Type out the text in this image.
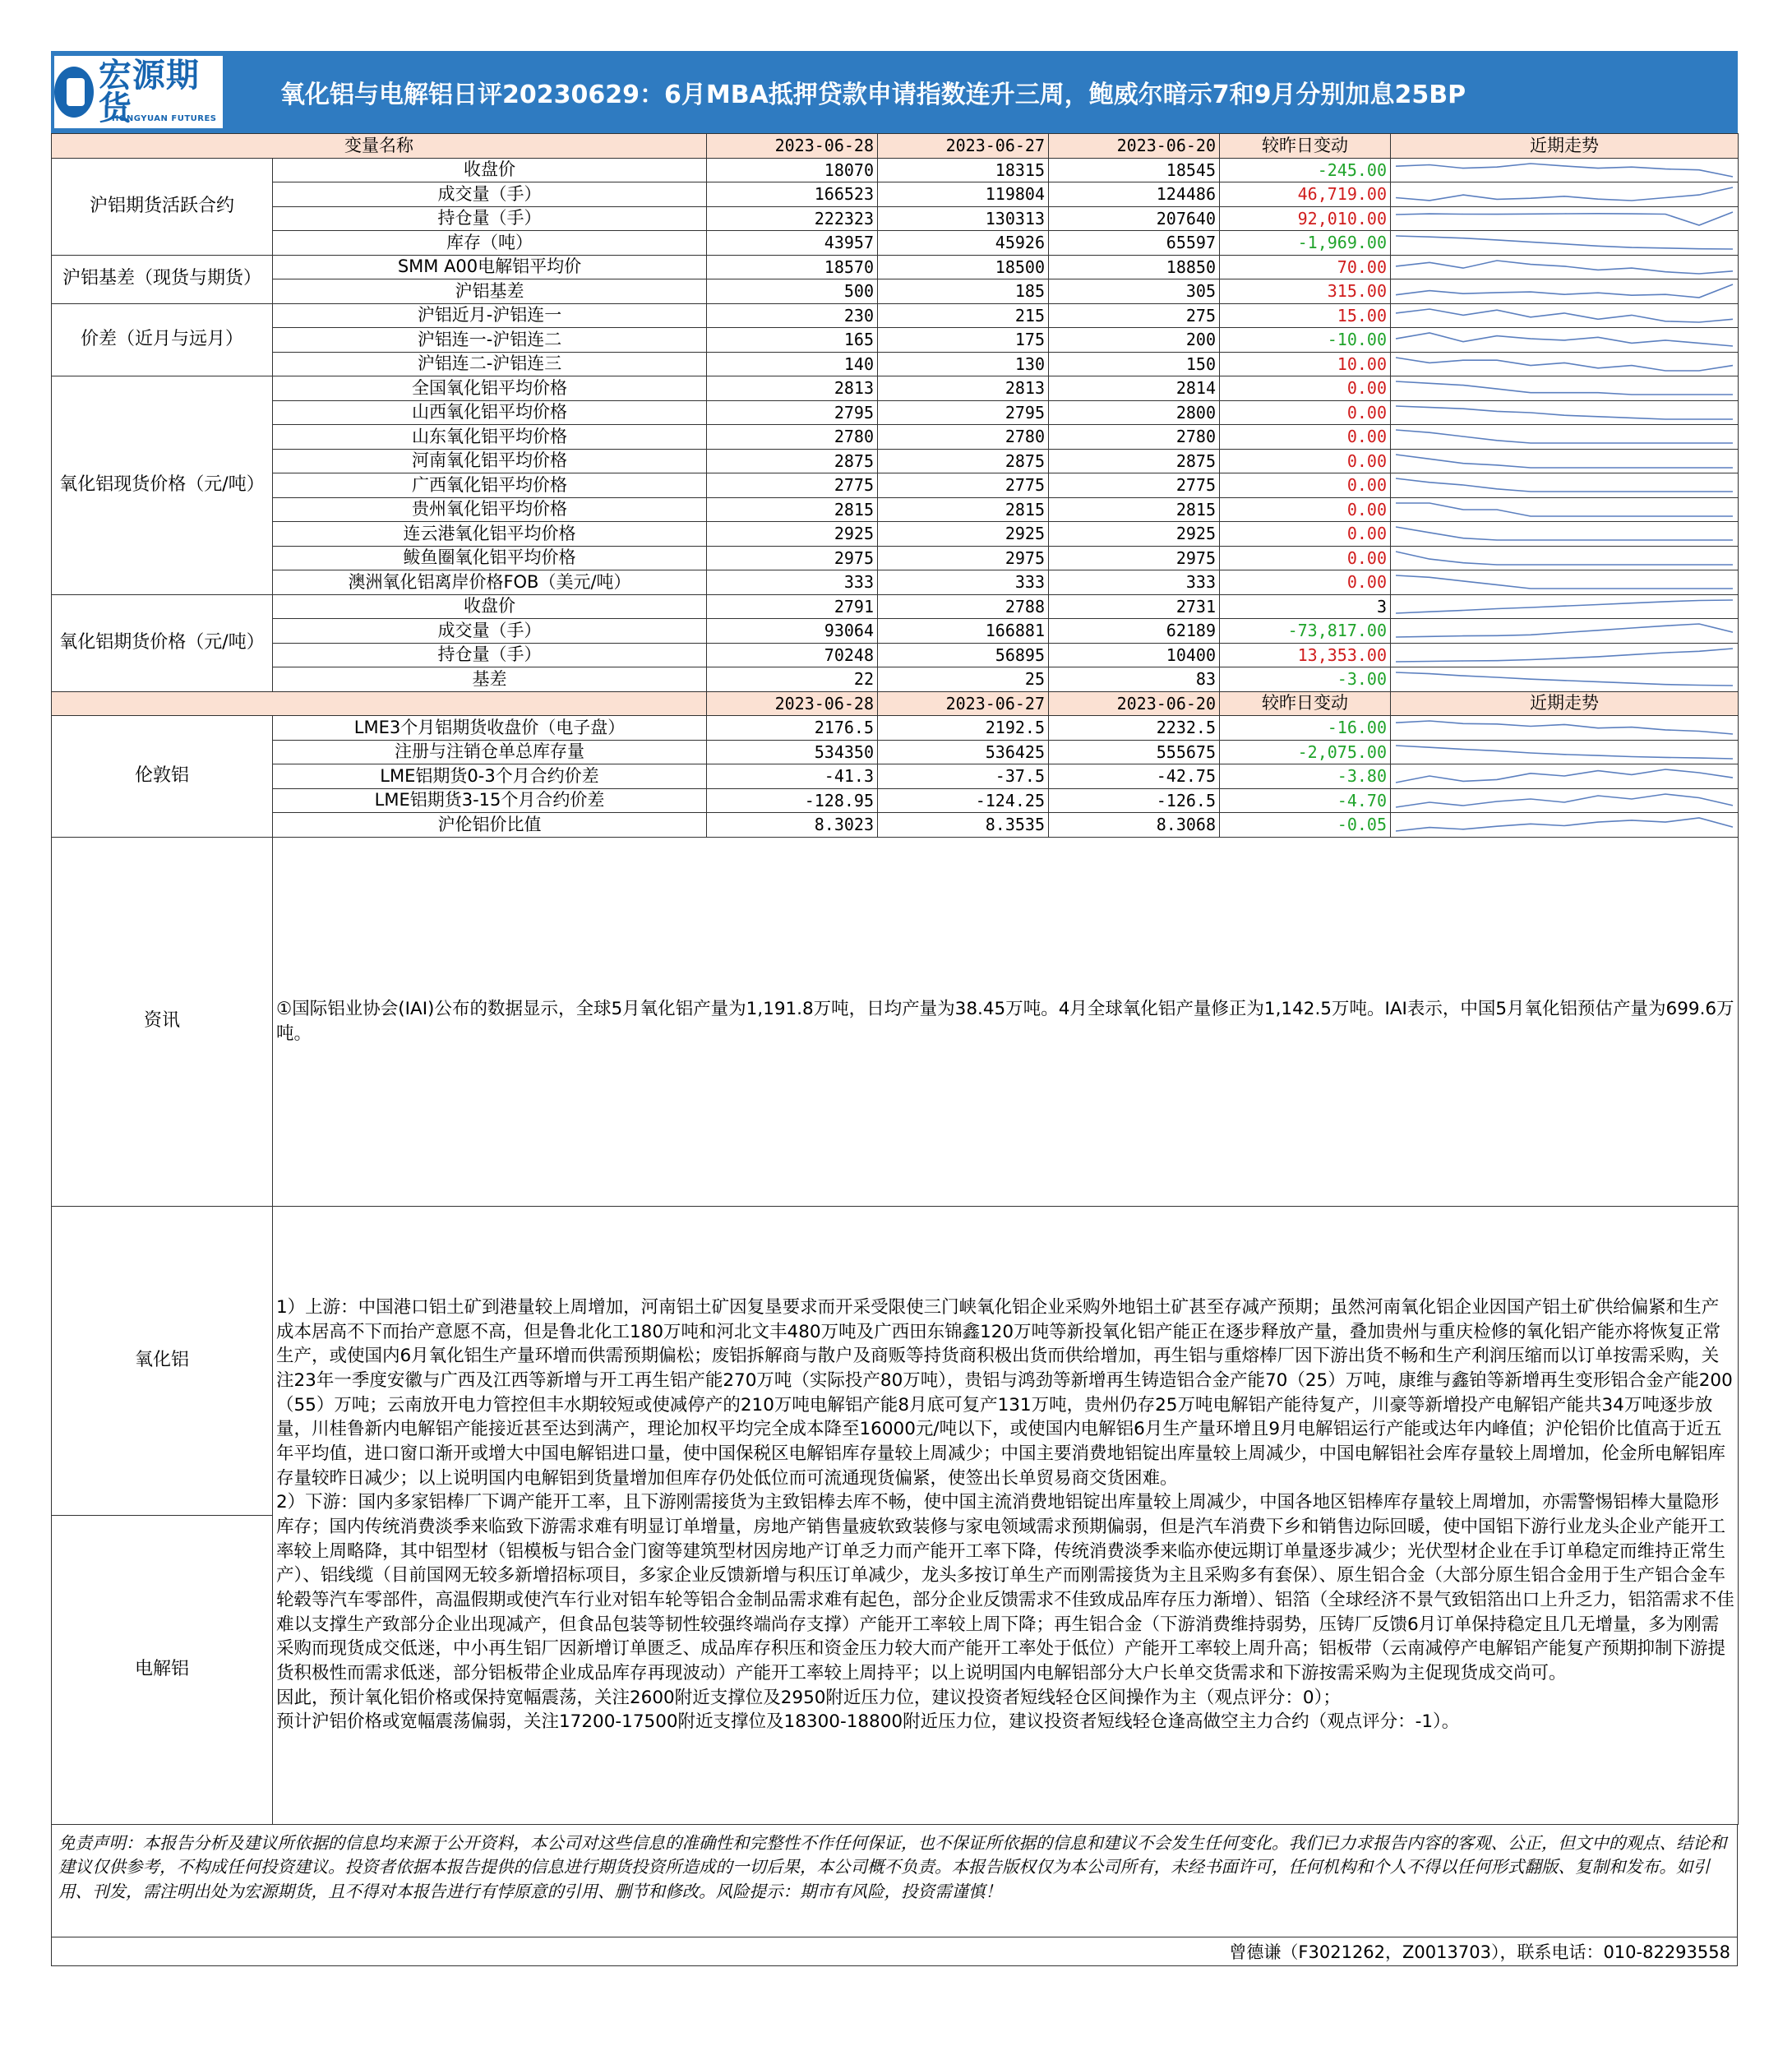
宏源期货
HONGYUAN FUTURES
氧化铝与电解铝日评20230629：6月MBA抵押贷款申请指数连升三周，鲍威尔暗示7和9月分别加息25BP
变量名称		2023-06-28	2023-06-27	2023-06-20	较昨日变动	近期走势
沪铝期货活跃合约	收盘价	18070	18315	18545	-245.00	

	成交量（手）	166523	119804	124486	46,719.00	

	持仓量（手）	222323	130313	207640	92,010.00	

	库存（吨）	43957	45926	65597	-1,969.00	

沪铝基差（现货与期货）	SMM A00电解铝平均价	18570	18500	18850	70.00	

	沪铝基差	500	185	305	315.00	

价差（近月与远月）	沪铝近月-沪铝连一	230	215	275	15.00	

	沪铝连一-沪铝连二	165	175	200	-10.00	

	沪铝连二-沪铝连三	140	130	150	10.00	

氧化铝现货价格（元/吨）	全国氧化铝平均价格	2813	2813	2814	0.00	

	山西氧化铝平均价格	2795	2795	2800	0.00	

	山东氧化铝平均价格	2780	2780	2780	0.00	

	河南氧化铝平均价格	2875	2875	2875	0.00	

	广西氧化铝平均价格	2775	2775	2775	0.00	

	贵州氧化铝平均价格	2815	2815	2815	0.00	

	连云港氧化铝平均价格	2925	2925	2925	0.00	

	鲅鱼圈氧化铝平均价格	2975	2975	2975	0.00	

	澳洲氧化铝离岸价格FOB（美元/吨）	333	333	333	0.00	

氧化铝期货价格（元/吨）	收盘价	2791	2788	2731	3	

	成交量（手）	93064	166881	62189	-73,817.00	

	持仓量（手）	70248	56895	10400	13,353.00	

	基差	22	25	83	-3.00	

		2023-06-28	2023-06-27	2023-06-20	较昨日变动	近期走势
伦敦铝	LME3个月铝期货收盘价（电子盘）	2176.5	2192.5	2232.5	-16.00	

	注册与注销仓单总库存量	534350	536425	555675	-2,075.00	

	LME铝期货0-3个月合约价差	-41.3	-37.5	-42.75	-3.80	

	LME铝期货3-15个月合约价差	-128.95	-124.25	-126.5	-4.70	

	沪伦铝价比值	8.3023	8.3535	8.3068	-0.05	

资讯	①国际铝业协会(IAI)公布的数据显示，全球5月氧化铝产量为1,191.8万吨，日均产量为38.45万吨。4月全球氧化铝产量修正为1,142.5万吨。IAI表示，中国5月氧化铝预估产量为699.6万吨。					
氧化铝	1）上游：中国港口铝土矿到港量较上周增加，河南铝土矿因复垦要求而开采受限使三门峡氧化铝企业采购外地铝土矿甚至存减产预期；虽然河南氧化铝企业因国产铝土矿供给偏紧和生产成本居高不下而抬产意愿不高，但是鲁北化工180万吨和河北文丰480万吨及广西田东锦鑫120万吨等新投氧化铝产能正在逐步释放产量，叠加贵州与重庆检修的氧化铝产能亦将恢复正常生产，或使国内6月氧化铝生产量环增而供需预期偏松；废铝拆解商与散户及商贩等持货商积极出货而供给增加，再生铝与重熔棒厂因下游出货不畅和生产利润压缩而以订单按需采购，关注23年一季度安徽与广西及江西等新增与开工再生铝产能270万吨（实际投产80万吨），贵铝与鸿劲等新增再生铸造铝合金产能70（25）万吨，康维与鑫铂等新增再生变形铝合金产能200（55）万吨；云南放开电力管控但丰水期较短或使减停产的210万吨电解铝产能8月底可复产131万吨，贵州仍存25万吨电解铝产能待复产，川豪等新增投产电解铝产能共34万吨逐步放量，川桂鲁新内电解铝产能接近甚至达到满产，理论加权平均完全成本降至16000元/吨以下，或使国内电解铝6月生产量环增且9月电解铝运行产能或达年内峰值；沪伦铝价比值高于近五年平均值，进口窗口渐开或增大中国电解铝进口量，使中国保税区电解铝库存量较上周减少；中国主要消费地铝锭出库量较上周减少，中国电解铝社会库存量较上周增加，伦金所电解铝库存量较昨日减少；以上说明国内电解铝到货量增加但库存仍处低位而可流通现货偏紧，使签出长单贸易商交货困难。
2）下游：国内多家铝棒厂下调产能开工率，且下游刚需接货为主致铝棒去库不畅，使中国主流消费地铝锭出库量较上周减少，中国各地区铝棒库存量较上周增加，亦需警惕铝棒大量隐形库存；国内传统消费淡季来临致下游需求难有明显订单增量，房地产销售量疲软致装修与家电领域需求预期偏弱，但是汽车消费下乡和销售边际回暖，使中国铝下游行业龙头企业产能开工率较上周略降，其中铝型材（铝模板与铝合金门窗等建筑型材因房地产订单乏力而产能开工率下降，传统消费淡季来临亦使远期订单量逐步减少；光伏型材企业在手订单稳定而维持正常生产）、铝线缆（目前国网无较多新增招标项目，多家企业反馈新增与积压订单减少，龙头多按订单生产而刚需接货为主且采购多有套保）、原生铝合金（大部分原生铝合金用于生产铝合金车轮毂等汽车零部件，高温假期或使汽车行业对铝车轮等铝合金制品需求难有起色，部分企业反馈需求不佳致成品库存压力渐增）、铝箔（全球经济不景气致铝箔出口上升乏力，铝箔需求不佳难以支撑生产致部分企业出现减产，但食品包装等韧性较强终端尚存支撑）产能开工率较上周下降；再生铝合金（下游消费维持弱势，压铸厂反馈6月订单保持稳定且几无增量，多为刚需采购而现货成交低迷，中小再生铝厂因新增订单匮乏、成品库存积压和资金压力较大而产能开工率处于低位）产能开工率较上周升高；铝板带（云南减停产电解铝产能复产预期抑制下游提货积极性而需求低迷，部分铝板带企业成品库存再现波动）产能开工率较上周持平；以上说明国内电解铝部分大户长单交货需求和下游按需采购为主促现货成交尚可。
因此，预计氧化铝价格或保持宽幅震荡，关注2600附近支撑位及2950附近压力位，建议投资者短线轻仓区间操作为主（观点评分：0）；
预计沪铝价格或宽幅震荡偏弱，关注17200-17500附近支撑位及18300-18800附近压力位，建议投资者短线轻仓逢高做空主力合约（观点评分：-1）。					

电解铝						
免责声明：本报告分析及建议所依据的信息均来源于公开资料，本公司对这些信息的准确性和完整性不作任何保证，也不保证所依据的信息和建议不会发生任何变化。我们已力求报告内容的客观、公正，但文中的观点、结论和建议仅供参考，不构成任何投资建议。投资者依据本报告提供的信息进行期货投资所造成的一切后果，本公司概不负责。本报告版权仅为本公司所有，未经书面许可，任何机构和个人不得以任何形式翻版、复制和发布。如引用、刊发，需注明出处为宏源期货，且不得对本报告进行有悖原意的引用、删节和修改。风险提示：期市有风险，投资需谨慎！
曾德谦（F3021262，Z0013703），联系电话：010-82293558
